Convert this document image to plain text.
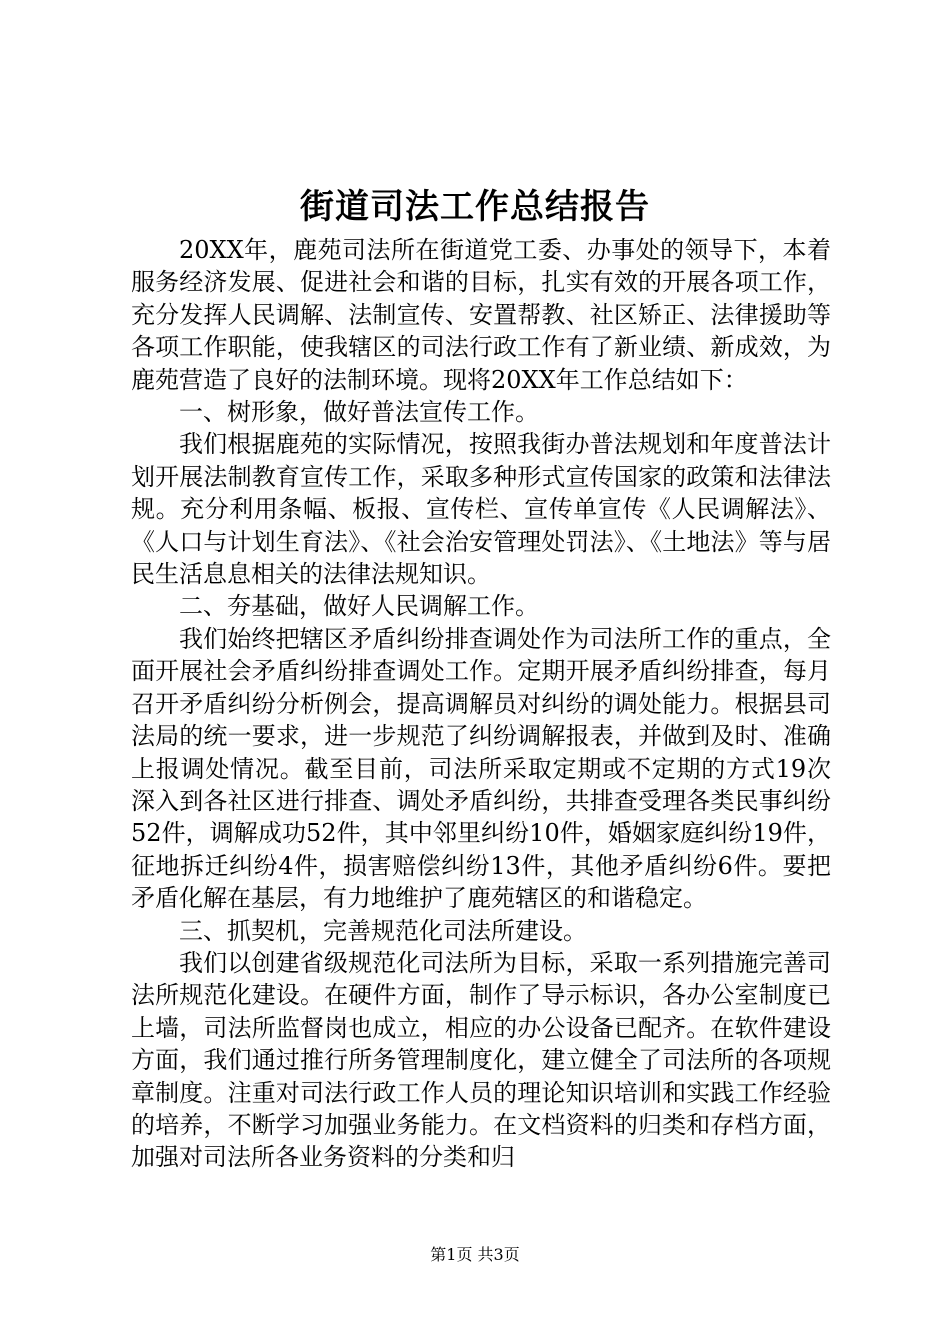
街道司法工作总结报告

20XX年，鹿苑司法所在街道党工委、办事处的领导下，本着服务经济发展、促进社会和谐的目标，扎实有效的开展各项工作，充分发挥人民调解、法制宣传、安置帮教、社区矫正、法律援助等各项工作职能，使我辖区的司法行政工作有了新业绩、新成效，为鹿苑营造了良好的法制环境。现将20XX年工作总结如下：

一、树形象，做好普法宣传工作。

我们根据鹿苑的实际情况，按照我街办普法规划和年度普法计划开展法制教育宣传工作，采取多种形式宣传国家的政策和法律法规。充分利用条幅、板报、宣传栏、宣传单宣传《人民调解法》、《人口与计划生育法》、《社会治安管理处罚法》、《土地法》等与居民生活息息相关的法律法规知识。

二、夯基础，做好人民调解工作。

我们始终把辖区矛盾纠纷排查调处作为司法所工作的重点，全面开展社会矛盾纠纷排查调处工作。定期开展矛盾纠纷排查，每月召开矛盾纠纷分析例会，提高调解员对纠纷的调处能力。根据县司法局的统一要求，进一步规范了纠纷调解报表，并做到及时、准确上报调处情况。截至目前，司法所采取定期或不定期的方式19次深入到各社区进行排查、调处矛盾纠纷，共排查受理各类民事纠纷52件，调解成功52件，其中邻里纠纷10件，婚姻家庭纠纷19件，征地拆迁纠纷4件，损害赔偿纠纷13件，其他矛盾纠纷6件。要把矛盾化解在基层，有力地维护了鹿苑辖区的和谐稳定。

三、抓契机，完善规范化司法所建设。

我们以创建省级规范化司法所为目标，采取一系列措施完善司法所规范化建设。在硬件方面，制作了导示标识，各办公室制度已上墙，司法所监督岗也成立，相应的办公设备已配齐。在软件建设方面，我们通过推行所务管理制度化，建立健全了司法所的各项规章制度。注重对司法行政工作人员的理论知识培训和实践工作经验的培养，不断学习加强业务能力。在文档资料的归类和存档方面，加强对司法所各业务资料的分类和归

第1页 共3页
